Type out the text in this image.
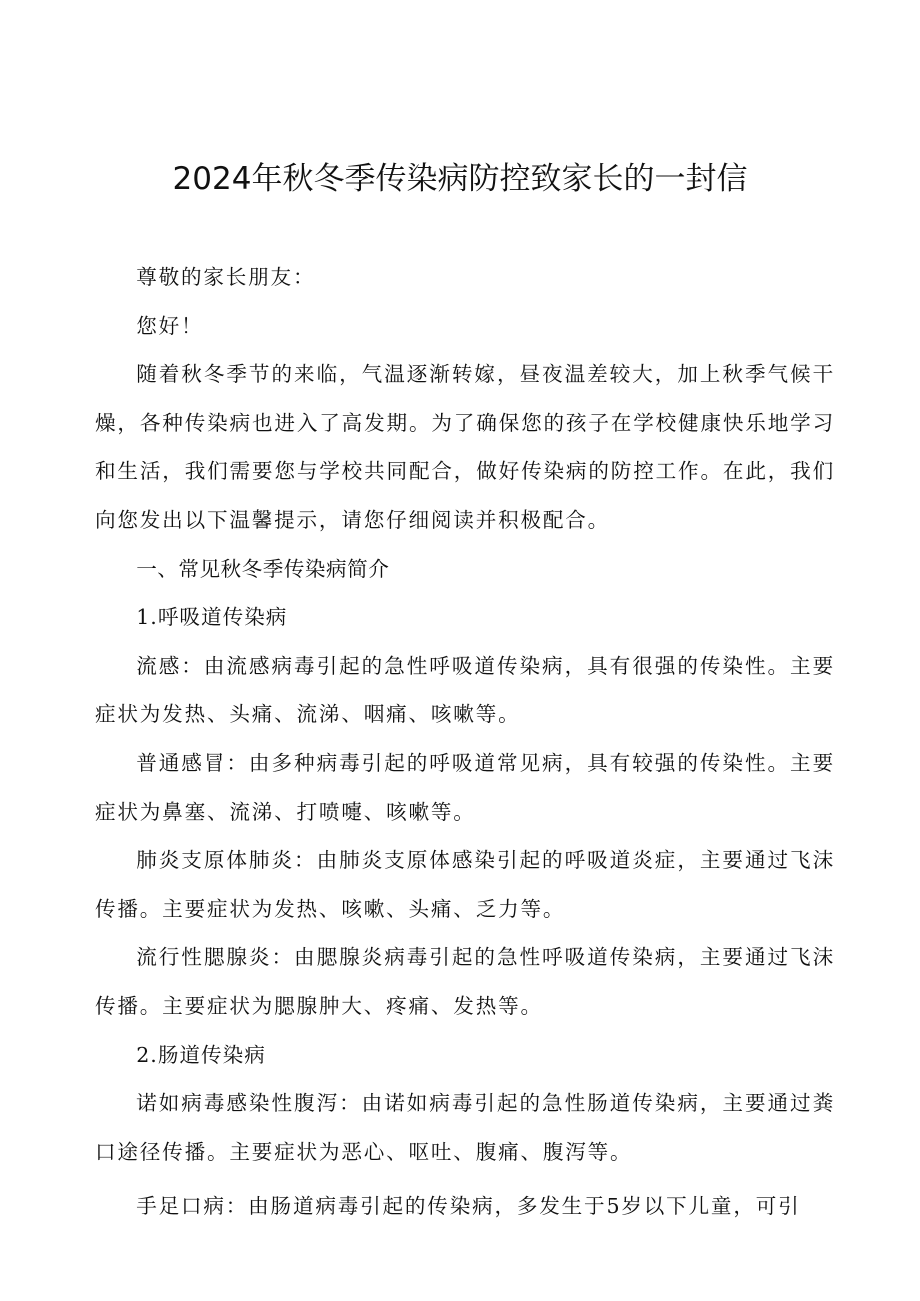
2024年秋冬季传染病防控致家长的一封信

尊敬的家长朋友：

您好！

随着秋冬季节的来临，气温逐渐转嫁，昼夜温差较大，加上秋季气候干燥，各种传染病也进入了高发期。为了确保您的孩子在学校健康快乐地学习和生活，我们需要您与学校共同配合，做好传染病的防控工作。在此，我们向您发出以下温馨提示，请您仔细阅读并积极配合。

一、常见秋冬季传染病简介

1.呼吸道传染病

流感：由流感病毒引起的急性呼吸道传染病，具有很强的传染性。主要症状为发热、头痛、流涕、咽痛、咳嗽等。

普通感冒：由多种病毒引起的呼吸道常见病，具有较强的传染性。主要症状为鼻塞、流涕、打喷嚏、咳嗽等。

肺炎支原体肺炎：由肺炎支原体感染引起的呼吸道炎症，主要通过飞沫传播。主要症状为发热、咳嗽、头痛、乏力等。

流行性腮腺炎：由腮腺炎病毒引起的急性呼吸道传染病，主要通过飞沫传播。主要症状为腮腺肿大、疼痛、发热等。

2.肠道传染病

诺如病毒感染性腹泻：由诺如病毒引起的急性肠道传染病，主要通过粪口途径传播。主要症状为恶心、呕吐、腹痛、腹泻等。

手足口病：由肠道病毒引起的传染病，多发生于5岁以下儿童，可引
